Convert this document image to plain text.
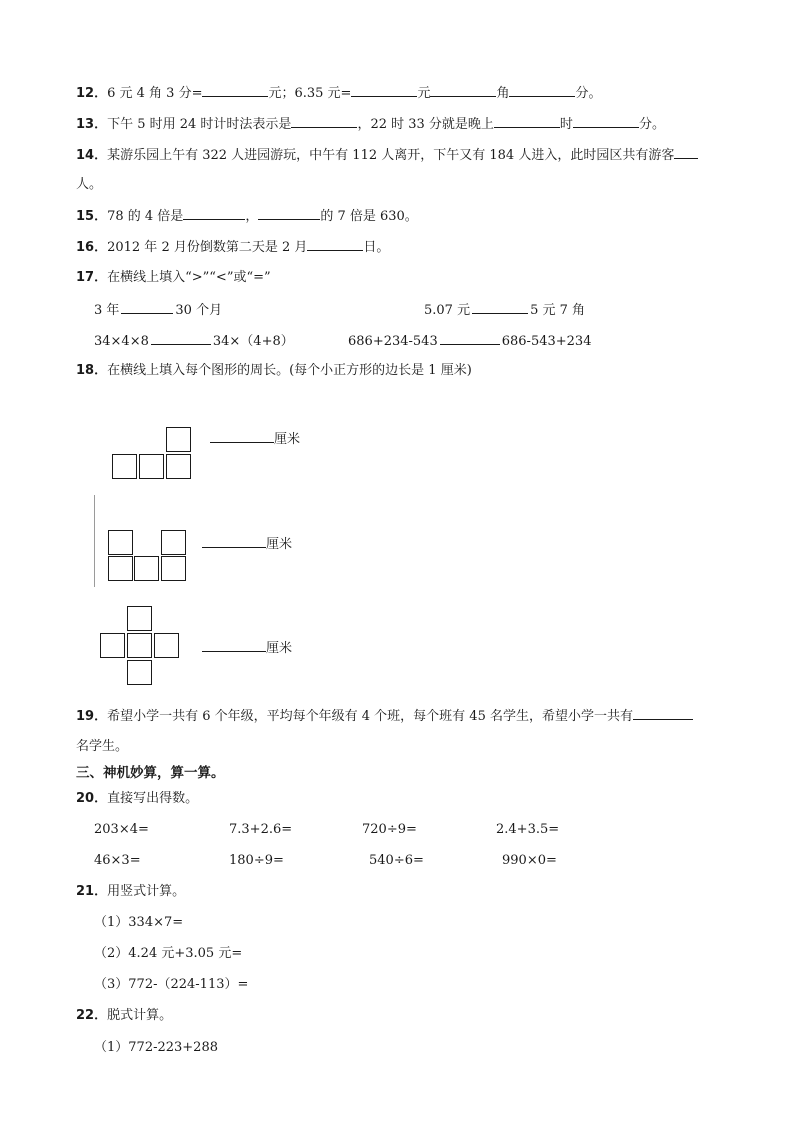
12．6 元 4 角 3 分=	元；6.35 元=	元	角	分。
13．下午 5 时用 24 时计时法表示是	，22 时 33 分就是晚上	时	分。
14．某游乐园上午有 322 人进园游玩，中午有 112 人离开，下午又有 184 人进入，此时园区共有游客
人。
15．78 的 4 倍是	，	的 7 倍是 630。
16．2012 年 2 月份倒数第二天是 2 月	日。
17．在横线上填入“>”“<”或“=”
3 年	30 个月	5.07 元	5 元 7 角
34×4×8	34×（4+8）	686+234-543	686-543+234
18．在横线上填入每个图形的周长。(每个小正方形的边长是 1 厘米)
厘米
厘米
厘米
19．希望小学一共有 6 个年级，平均每个年级有 4 个班，每个班有 45 名学生，希望小学一共有
名学生。
三、神机妙算，算一算。
20．直接写出得数。
203×4=	7.3+2.6=	720÷9=	2.4+3.5=
46×3=	180÷9=	540÷6=	990×0=
21．用竖式计算。
（1）334×7=
（2）4.24 元+3.05 元=
（3）772-（224-113）=
22．脱式计算。
（1）772-223+288
